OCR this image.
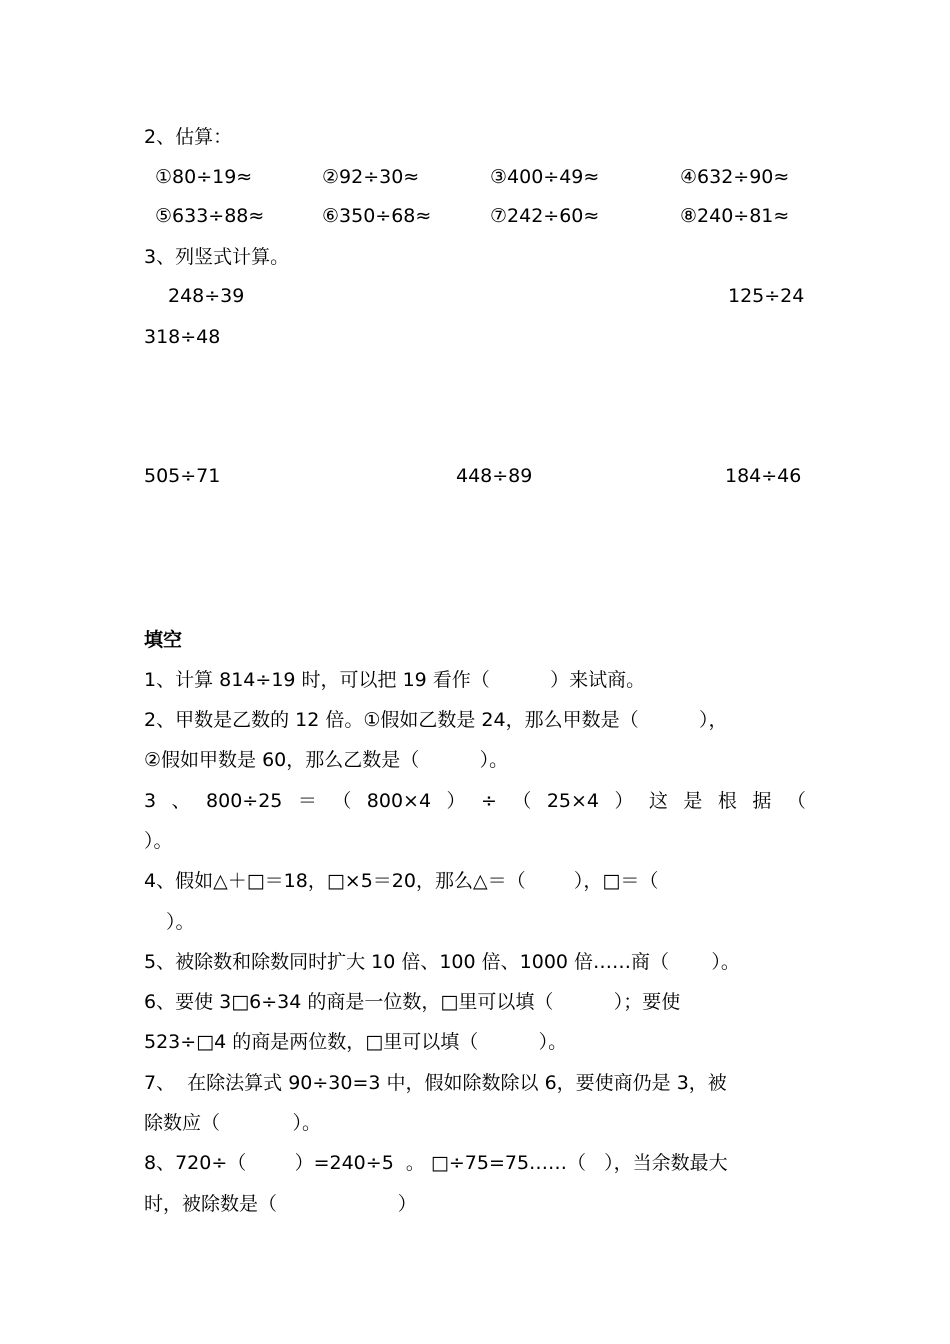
2、估算：
①80÷19≈	②92÷30≈	③400÷49≈	④632÷90≈
⑤633÷88≈	⑥350÷68≈	⑦242÷60≈	⑧240÷81≈
3、列竖式计算。
248÷39	125÷24
318÷48
505÷71	448÷89	184÷46
填空
1、计算 814÷19 时，可以把 19 看作（          ）来试商。
2、甲数是乙数的 12 倍。①假如乙数是 24，那么甲数是（          ），
②假如甲数是 60，那么乙数是（          ）。
3 、 800÷25 ＝ （ 800×4 ） ÷ （ 25×4 ） 这 是 根 据 （
）。
4、假如△＋□＝18，□×5＝20，那么△＝（        ），□＝（
）。
5、被除数和除数同时扩大 10 倍、100 倍、1000 倍……商（       ）。
6、要使 3□6÷34 的商是一位数，□里可以填（          ）；要使
523÷□4 的商是两位数，□里可以填（          ）。
7、  在除法算式 90÷30=3 中，假如除数除以 6，要使商仍是 3，被
除数应（            ）。
8、720÷（        ）=240÷5  。 □÷75=75……（   ），当余数最大
时，被除数是（                    ）
